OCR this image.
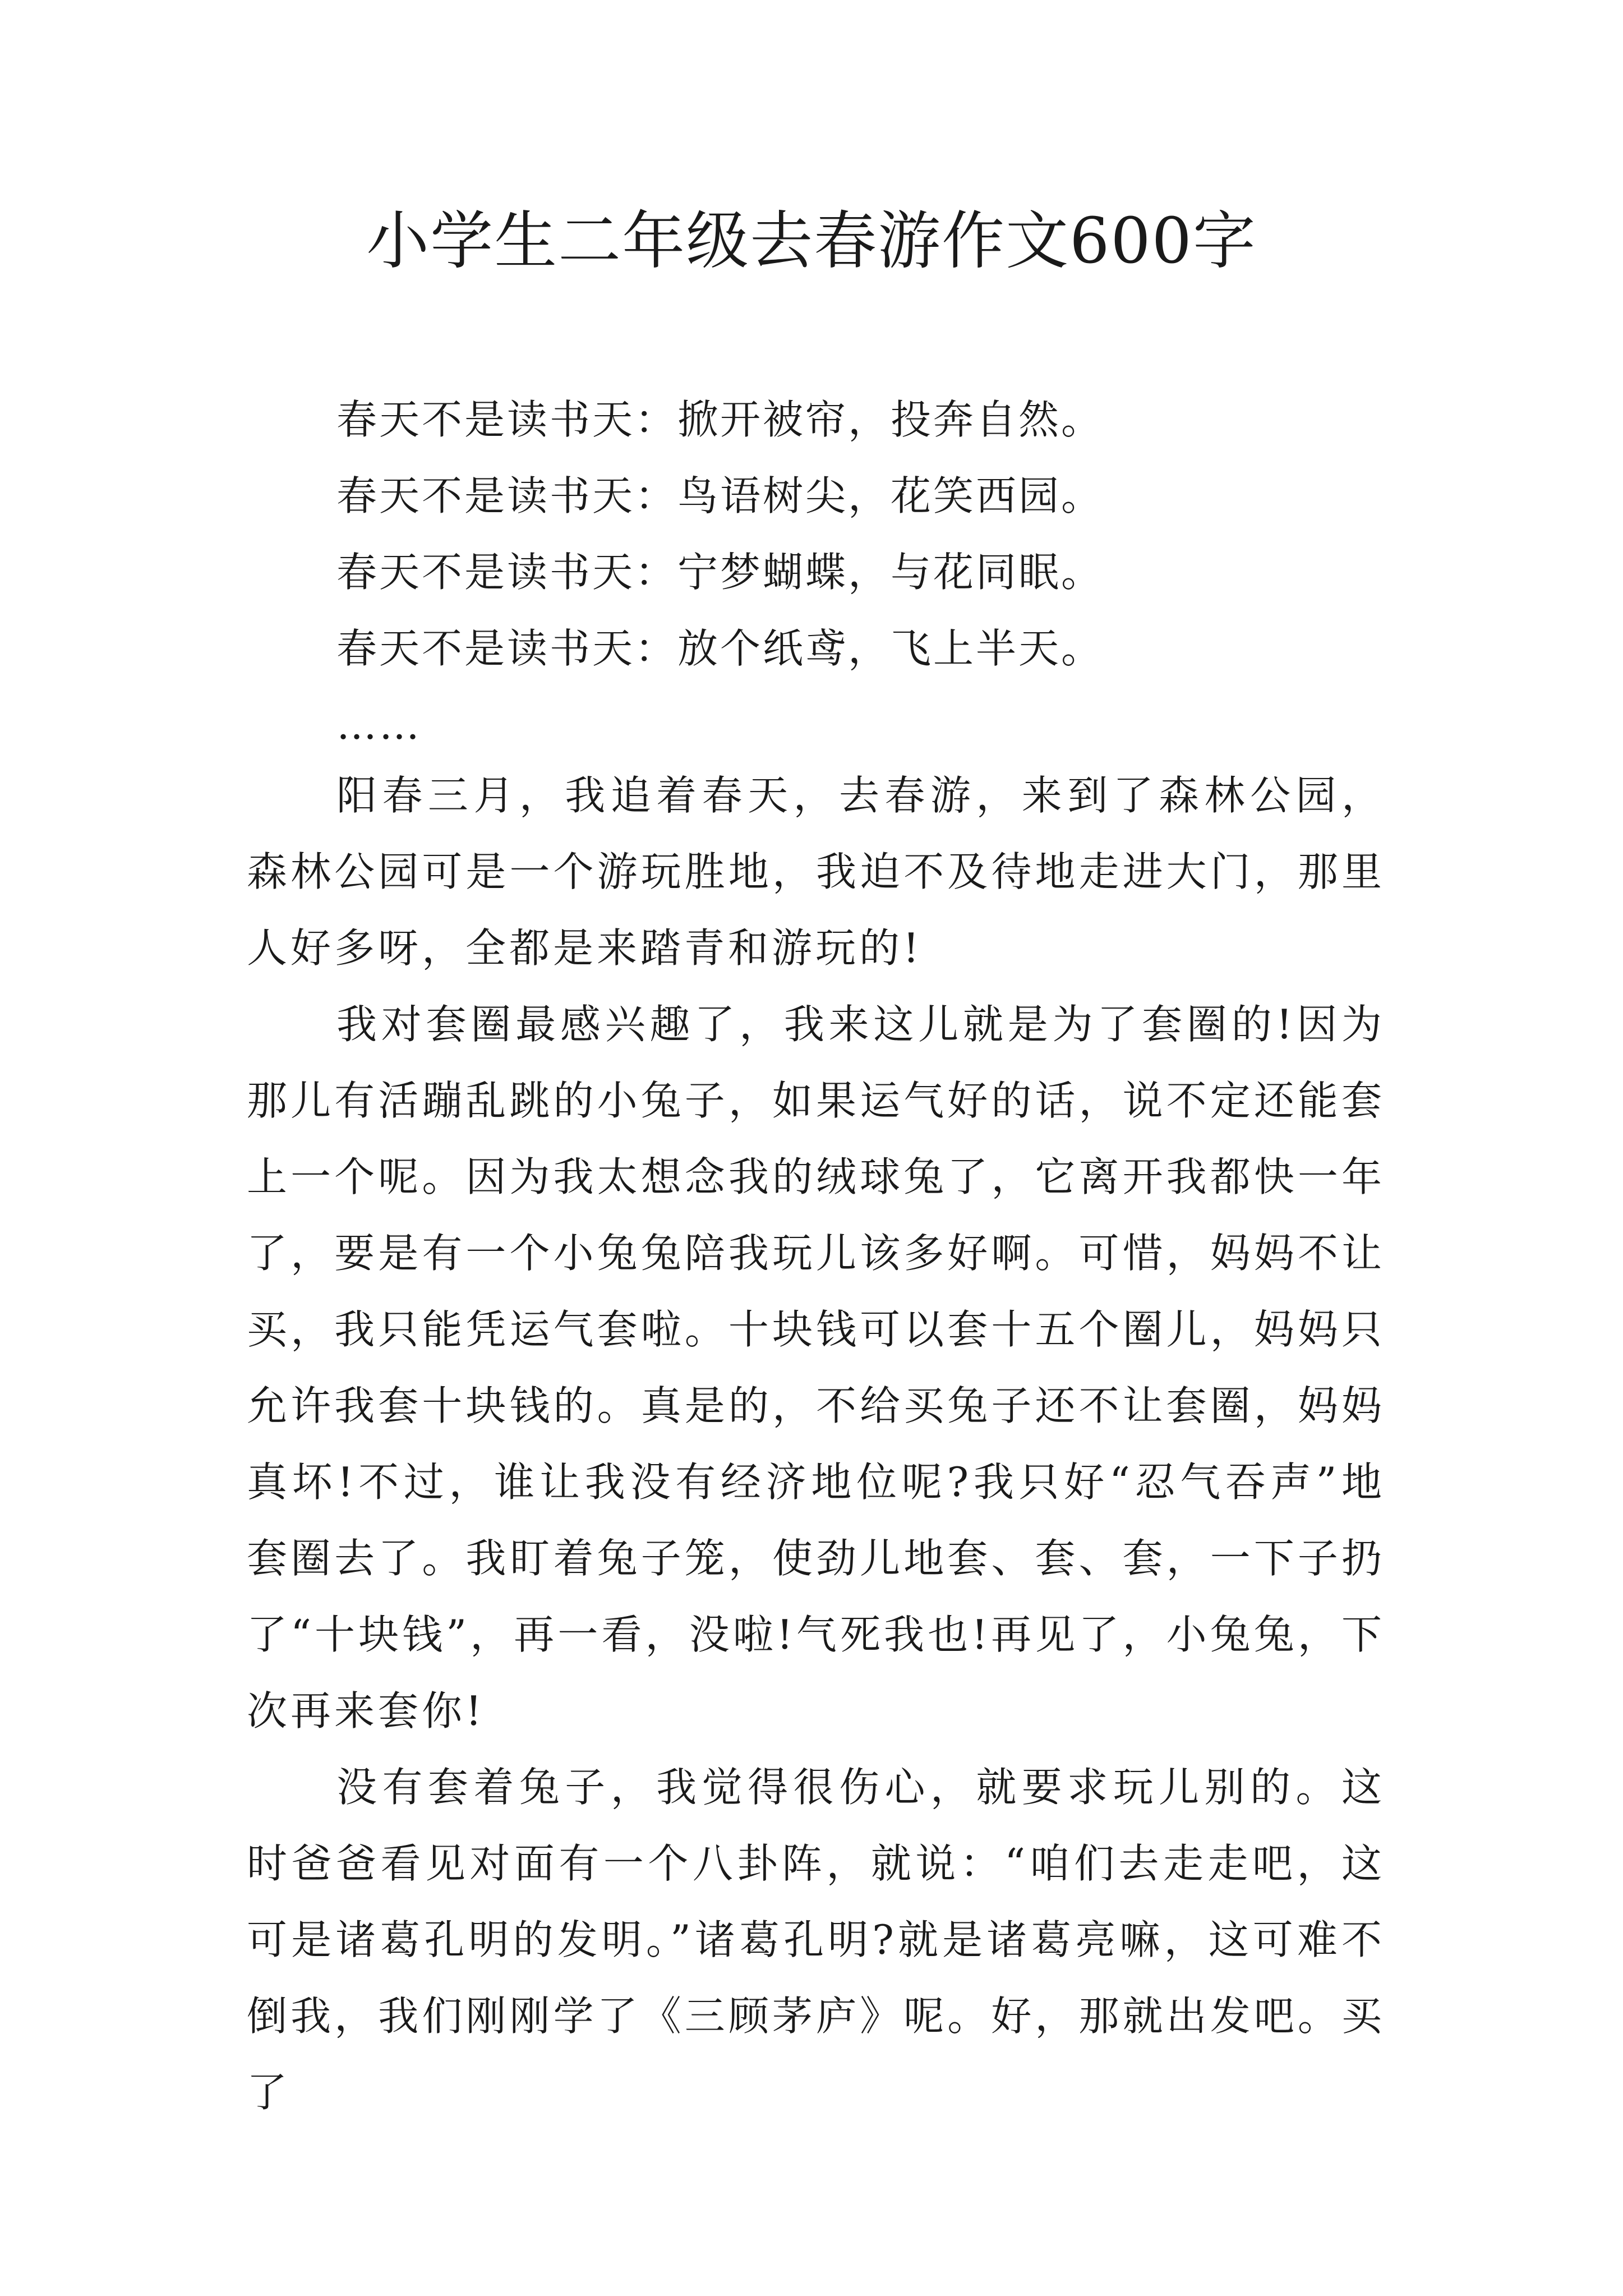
小学生二年级去春游作文600字
春天不是读书天：掀开被帘，投奔自然。
春天不是读书天：鸟语树尖，花笑西园。
春天不是读书天：宁梦蝴蝶，与花同眠。
春天不是读书天：放个纸鸢，飞上半天。
……

阳春三月，我追着春天，去春游，来到了森林公园，森林公园可是一个游玩胜地，我迫不及待地走进大门，那里人好多呀，全都是来踏青和游玩的!

我对套圈最感兴趣了，我来这儿就是为了套圈的!因为那儿有活蹦乱跳的小兔子，如果运气好的话，说不定还能套上一个呢。因为我太想念我的绒球兔了，它离开我都快一年了，要是有一个小兔兔陪我玩儿该多好啊。可惜，妈妈不让买，我只能凭运气套啦。十块钱可以套十五个圈儿，妈妈只允许我套十块钱的。真是的，不给买兔子还不让套圈，妈妈真坏!不过，谁让我没有经济地位呢?我只好“忍气吞声”地套圈去了。我盯着兔子笼，使劲儿地套、套、套，一下子扔了“十块钱”，再一看，没啦!气死我也!再见了，小兔兔，下次再来套你!

没有套着兔子，我觉得很伤心，就要求玩儿别的。这时爸爸看见对面有一个八卦阵，就说：“咱们去走走吧，这可是诸葛孔明的发明。”诸葛孔明?就是诸葛亮嘛，这可难不倒我，我们刚刚学了《三顾茅庐》呢。好，那就出发吧。买了
